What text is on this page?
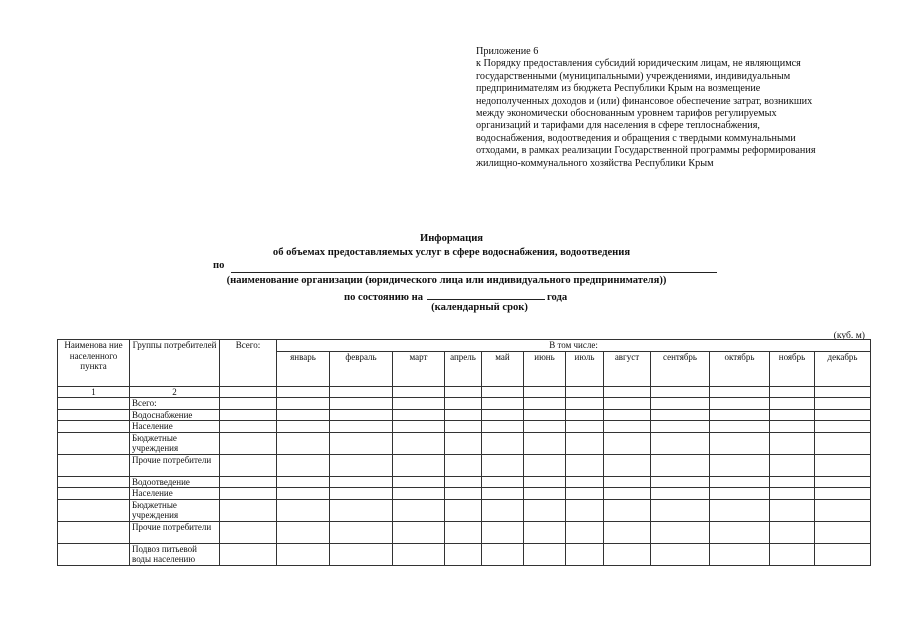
Приложение 6
к Порядку предоставления субсидий юридическим лицам, не являющимся
государственными (муниципальными) учреждениями, индивидуальным
предпринимателям из бюджета Республики Крым на возмещение
недополученных доходов и (или) финансовое обеспечение затрат, возникших
между экономически обоснованным уровнем тарифов регулируемых
организаций и тарифами для населения в сфере теплоснабжения,
водоснабжения, водоотведения и обращения с твердыми коммунальными
отходами, в рамках реализации Государственной программы реформирования
жилищно-коммунального хозяйства Республики Крым
Информация
об объемах предоставляемых услуг в сфере водоснабжения, водоотведения
по
(наименование организации (юридического лица или индивидуального предпринимателя))
по состоянию на	года
(календарный срок)
(куб. м)
Наименова ние населенного пункта	Группы потребителей	Всего:	В том числе:											
			январь	февраль	март	апрель	май	июнь	июль	август	сентябрь	октябрь	ноябрь	декабрь
1	2													
	Всего:													
	Водоснабжение													
	Население													
	Бюджетные учреждения													
	Прочие потребители													
	Водоотведение													
	Население													
	Бюджетные учреждения													
	Прочие потребители													
	Подвоз питьевой воды населению													
